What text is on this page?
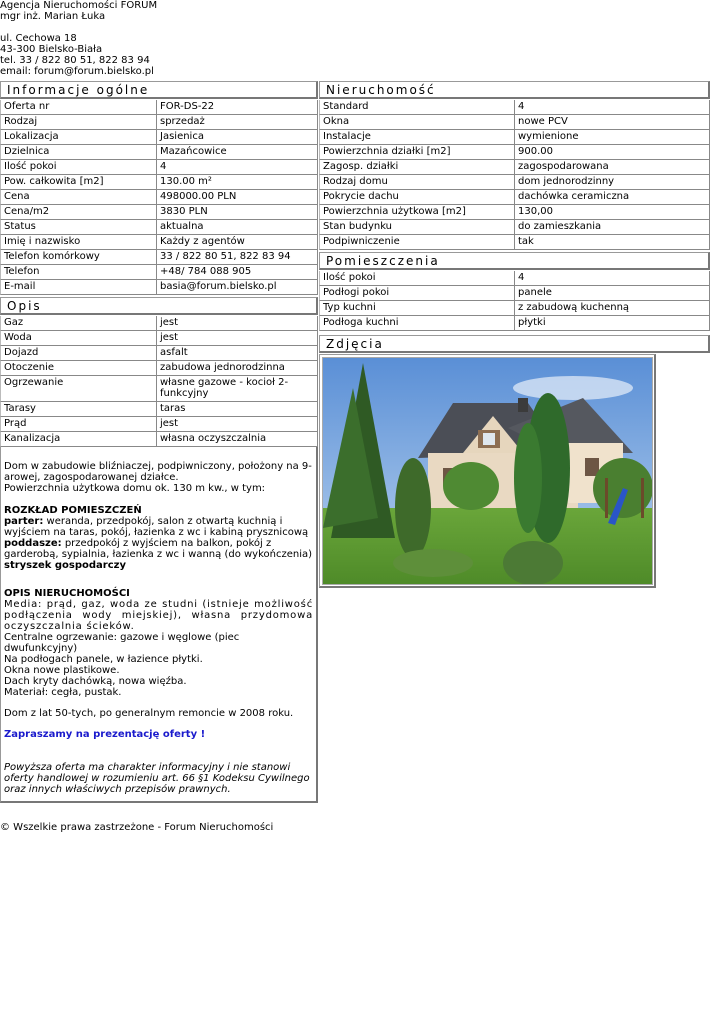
Agencja Nieruchomości FORUM
mgr inż. Marian Łuka
ul. Cechowa 18
43-300 Bielsko-Biała
tel. 33 / 822 80 51, 822 83 94
email: forum@forum.bielsko.pl
Informacje ogólne
Oferta nr	FOR-DS-22
Rodzaj	sprzedaż
Lokalizacja	Jasienica
Dzielnica	Mazańcowice
Ilość pokoi	4
Pow. całkowita [m2]	130.00 m²
Cena	498000.00 PLN
Cena/m2	3830 PLN
Status	aktualna
Imię i nazwisko	Każdy z agentów
Telefon komórkowy	33 / 822 80 51, 822 83 94
Telefon	+48/ 784 088 905
E-mail	basia@forum.bielsko.pl
Opis
Gaz	jest
Woda	jest
Dojazd	asfalt
Otoczenie	zabudowa jednorodzinna
Ogrzewanie	własne gazowe - kocioł 2-funkcyjny
Tarasy	taras
Prąd	jest
Kanalizacja	własna oczyszczalnia

Dom w zabudowie bliźniaczej, podpiwniczony, położony na 9-arowej, zagospodarowanej działce.

Powierzchnia użytkowa domu ok. 130 m kw., w tym:

ROZKŁAD POMIESZCZEŃ

parter: weranda, przedpokój, salon z otwartą kuchnią i wyjściem na taras, pokój, łazienka z wc i kabiną prysznicową

poddasze: przedpokój z wyjściem na balkon, pokój z garderobą, sypialnia, łazienka z wc i wanną (do wykończenia)

stryszek gospodarczy

OPIS NIERUCHOMOŚCI

Media: prąd, gaz, woda ze studni (istnieje możliwość podłączenia wody miejskiej), własna przydomowa oczyszczalnia ścieków.

Centralne ogrzewanie: gazowe i węglowe (piec dwufunkcyjny)

Na podłogach panele, w łazience płytki.

Okna nowe plastikowe.

Dach kryty dachówką, nowa więźba.

Materiał: cegła, pustak.

Dom z lat 50-tych, po generalnym remoncie w 2008 roku.

Zapraszamy na prezentację oferty !

Powyższa oferta ma charakter informacyjny i nie stanowi oferty handlowej w rozumieniu art. 66 §1 Kodeksu Cywilnego oraz innych właściwych przepisów prawnych.

Nieruchomość
Standard	4
Okna	nowe PCV
Instalacje	wymienione
Powierzchnia działki [m2]	900.00
Zagosp. działki	zagospodarowana
Rodzaj domu	dom jednorodzinny
Pokrycie dachu	dachówka ceramiczna
Powierzchnia użytkowa [m2]	130,00
Stan budynku	do zamieszkania
Podpiwniczenie	tak
Pomieszczenia
Ilość pokoi	4
Podłogi pokoi	panele
Typ kuchni	z zabudową kuchenną
Podłoga kuchni	płytki
Zdjęcia
© Wszelkie prawa zastrzeżone - Forum Nieruchomości
